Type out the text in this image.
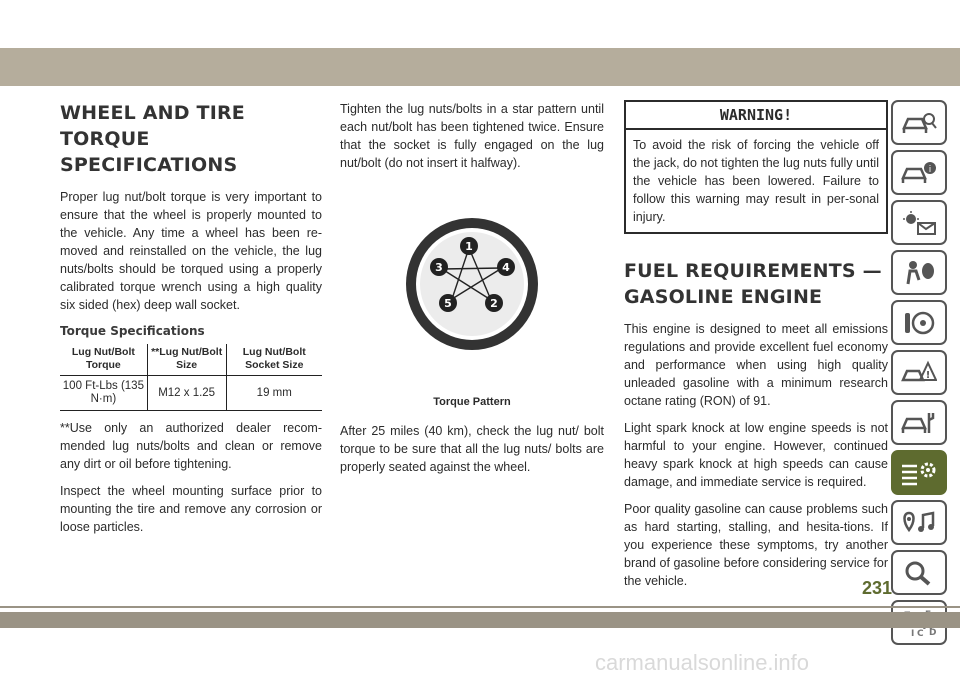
WHEEL AND TIRE TORQUE SPECIFICATIONS

Proper lug nut/bolt torque is very important to ensure that the wheel is properly mounted to the vehicle. Any time a wheel has been re-moved and reinstalled on the vehicle, the lug nuts/bolts should be torqued using a properly calibrated torque wrench using a high quality six sided (hex) deep wall socket.

Torque Specifications
Lug Nut/Bolt Torque	**Lug Nut/Bolt Size	Lug Nut/Bolt Socket Size
100 Ft-Lbs (135 N·m)	M12 x 1.25	19 mm

**Use only an authorized dealer recom-mended lug nuts/bolts and clean or remove any dirt or oil before tightening.

Inspect the wheel mounting surface prior to mounting the tire and remove any corrosion or loose particles.

Tighten the lug nuts/bolts in a star pattern until each nut/bolt has been tightened twice. Ensure that the socket is fully engaged on the lug nut/bolt (do not insert it halfway).

1
2
3	4
5
Torque Pattern

After 25 miles (40 km), check the lug nut/ bolt torque to be sure that all the lug nuts/ bolts are properly seated against the wheel.

WARNING!
To avoid the risk of forcing the vehicle off the jack, do not tighten the lug nuts fully until the vehicle has been lowered. Failure to follow this warning may result in per-sonal injury.
FUEL REQUIREMENTS — GASOLINE ENGINE

This engine is designed to meet all emissions regulations and provide excellent fuel economy and performance when using high quality unleaded gasoline with a minimum research octane rating (RON) of 91.

Light spark knock at low engine speeds is not harmful to your engine. However, continued heavy spark knock at high speeds can cause damage, and immediate service is required.

Poor quality gasoline can cause problems such as hard starting, stalling, and hesita-tions. If you experience these symptoms, try another brand of gasoline before considering service for the vehicle.

i
!
I C D
231
carmanualsonline.info
